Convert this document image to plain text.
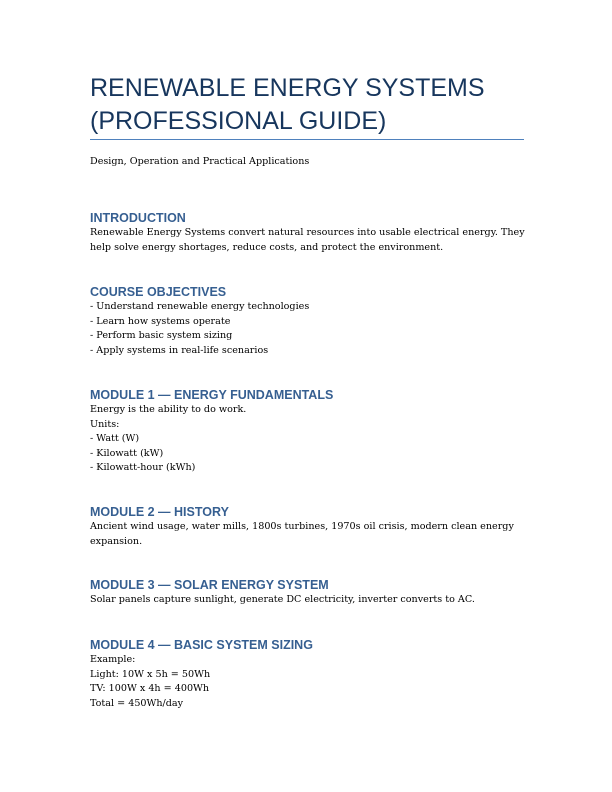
RENEWABLE ENERGY SYSTEMS
(PROFESSIONAL GUIDE)

Design, Operation and Practical Applications

INTRODUCTION

Renewable Energy Systems convert natural resources into usable electrical energy. They
help solve energy shortages, reduce costs, and protect the environment.

COURSE OBJECTIVES

- Understand renewable energy technologies
- Learn how systems operate
- Perform basic system sizing
- Apply systems in real-life scenarios

MODULE 1 — ENERGY FUNDAMENTALS

Energy is the ability to do work.
Units:
- Watt (W)
- Kilowatt (kW)
- Kilowatt-hour (kWh)

MODULE 2 — HISTORY

Ancient wind usage, water mills, 1800s turbines, 1970s oil crisis, modern clean energy
expansion.

MODULE 3 — SOLAR ENERGY SYSTEM

Solar panels capture sunlight, generate DC electricity, inverter converts to AC.

MODULE 4 — BASIC SYSTEM SIZING

Example:
Light: 10W x 5h = 50Wh
TV: 100W x 4h = 400Wh
Total = 450Wh/day
